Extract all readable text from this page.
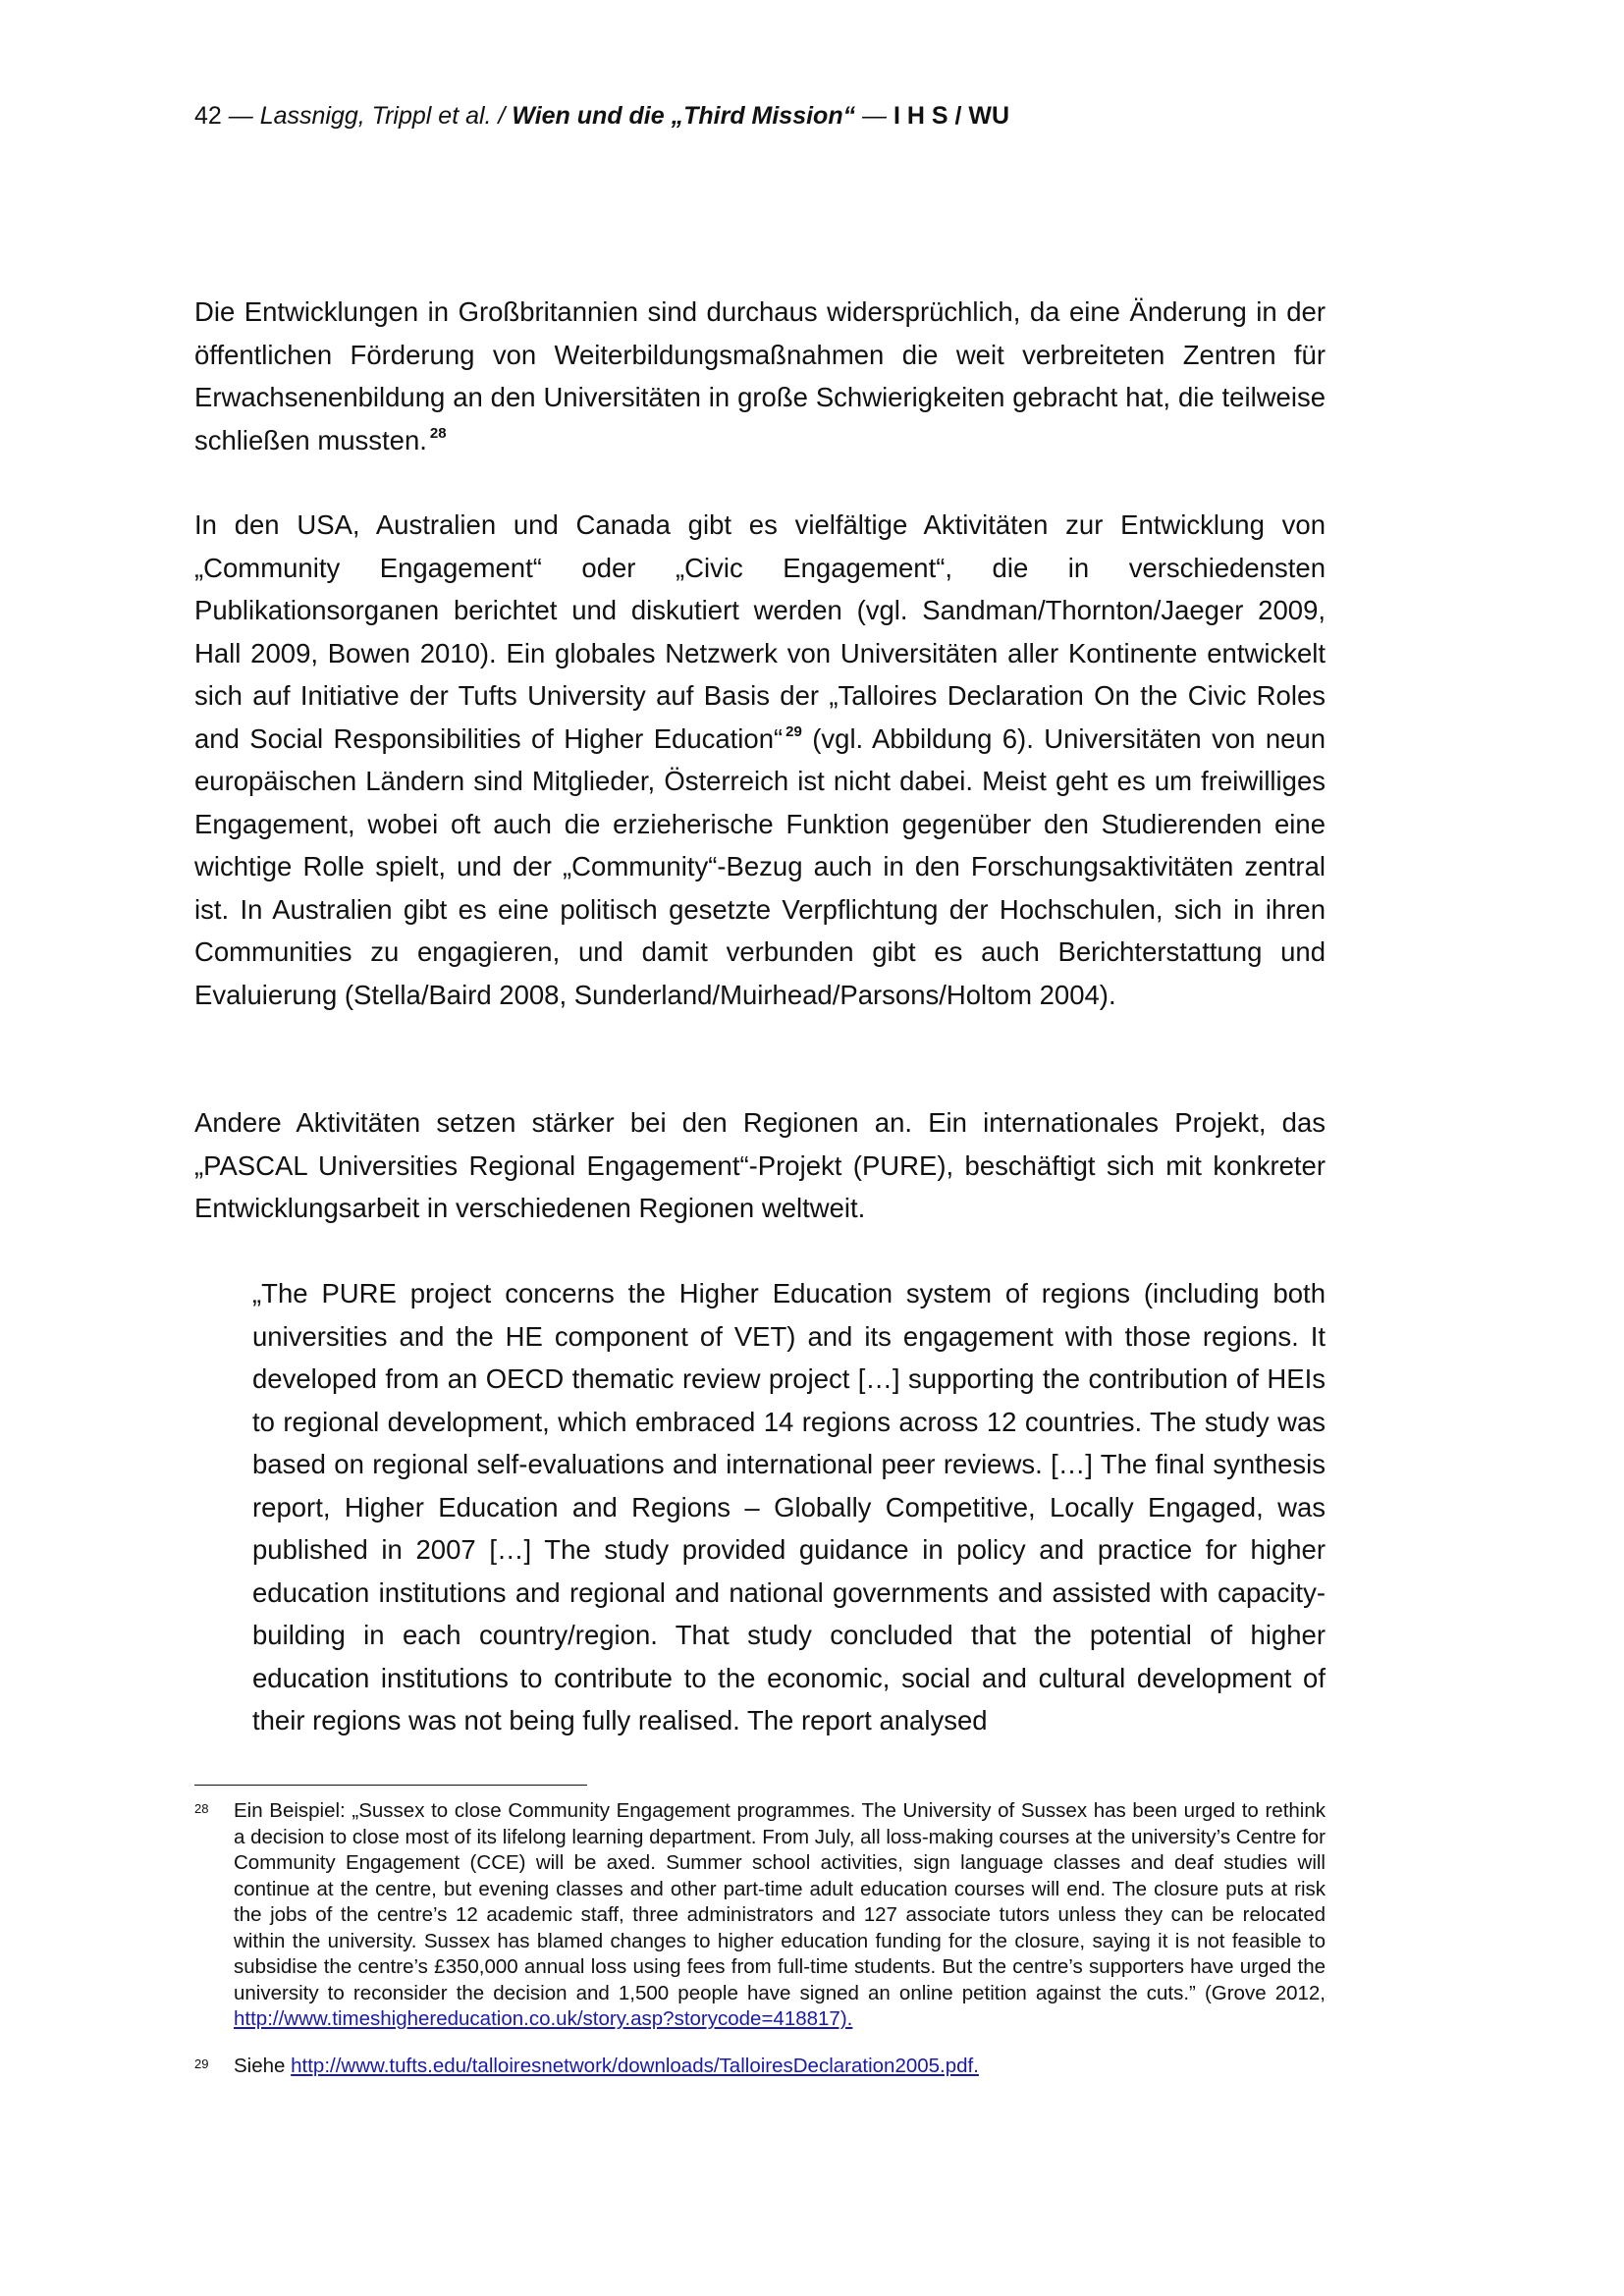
42 — Lassnigg, Trippl et al. / Wien und die „Third Mission“ — I H S / WU

Die Entwicklungen in Großbritannien sind durchaus widersprüchlich, da eine Änderung in der öffentlichen Förderung von Weiterbildungsmaßnahmen die weit verbreiteten Zentren für Erwachsenenbildung an den Universitäten in große Schwierigkeiten gebracht hat, die teilweise schließen mussten. $^{28}$

In den USA, Australien und Canada gibt es vielfältige Aktivitäten zur Entwicklung von „Community Engagement“ oder „Civic Engagement“, die in verschiedensten Publikationsorganen berichtet und diskutiert werden (vgl. Sandman/Thornton/Jaeger 2009, Hall 2009, Bowen 2010). Ein globales Netzwerk von Universitäten aller Kontinente entwickelt sich auf Initiative der Tufts University auf Basis der „Talloires Declaration On the Civic Roles and Social Responsibilities of Higher Education“ $^{29}$ (vgl. Abbildung 6). Universitäten von neun europäischen Ländern sind Mitglieder, Österreich ist nicht dabei. Meist geht es um freiwilliges Engagement, wobei oft auch die erzieherische Funktion gegenüber den Studierenden eine wichtige Rolle spielt, und der „Community“-Bezug auch in den Forschungsaktivitäten zentral ist. In Australien gibt es eine politisch gesetzte Verpflichtung der Hochschulen, sich in ihren Communities zu engagieren, und damit verbunden gibt es auch Berichterstattung und Evaluierung (Stella/Baird 2008, Sunderland/Muirhead/Parsons/Holtom 2004).

Andere Aktivitäten setzen stärker bei den Regionen an. Ein internationales Projekt, das „PASCAL Universities Regional Engagement“-Projekt (PURE), beschäftigt sich mit konkreter Entwicklungsarbeit in verschiedenen Regionen weltweit.

„The PURE project concerns the Higher Education system of regions (including both universities and the HE component of VET) and its engagement with those regions. It developed from an OECD thematic review project […] supporting the contribution of HEIs to regional development, which embraced 14 regions across 12 countries. The study was based on regional self-evaluations and international peer reviews. […] The final synthesis report, Higher Education and Regions – Globally Competitive, Locally Engaged, was published in 2007 […] The study provided guidance in policy and practice for higher education institutions and regional and national governments and assisted with capacity-building in each country/region. That study concluded that the potential of higher education institutions to contribute to the economic, social and cultural development of their regions was not being fully realised. The report analysed

28 Ein Beispiel: „Sussex to close Community Engagement programmes. The University of Sussex has been urged to rethink a decision to close most of its lifelong learning department. From July, all loss-making courses at the university’s Centre for Community Engagement (CCE) will be axed. Summer school activities, sign language classes and deaf studies will continue at the centre, but evening classes and other part-time adult education courses will end. The closure puts at risk the jobs of the centre’s 12 academic staff, three administrators and 127 associate tutors unless they can be relocated within the university. Sussex has blamed changes to higher education funding for the closure, saying it is not feasible to subsidise the centre’s £350,000 annual loss using fees from full-time students. But the centre’s supporters have urged the university to reconsider the decision and 1,500 people have signed an online petition against the cuts.” (Grove 2012, http://www.timeshighereducation.co.uk/story.asp?storycode=418817).
29 Siehe http://www.tufts.edu/talloiresnetwork/downloads/TalloiresDeclaration2005.pdf.
